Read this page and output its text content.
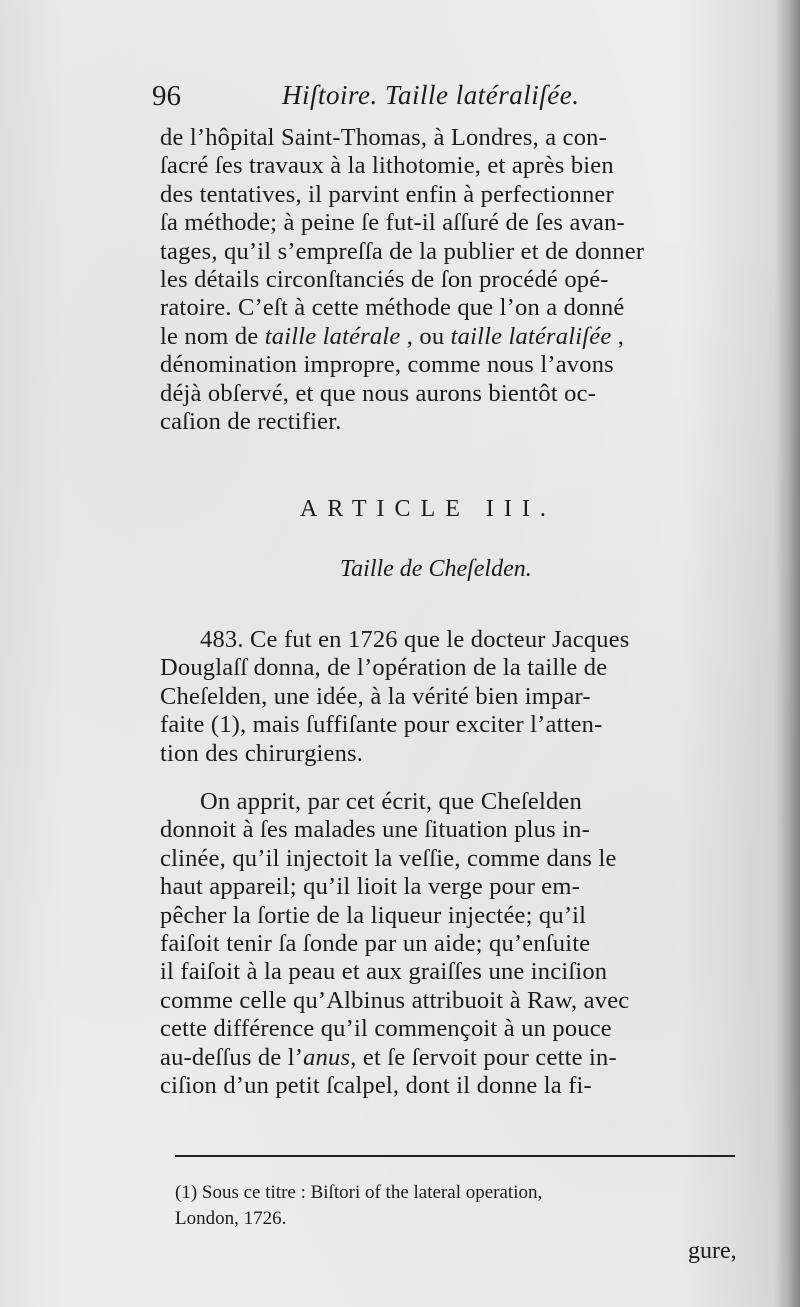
96	Hiſtoire. Taille latéraliſée.
de l’hôpital Saint-Thomas, à Londres, a con-
ſacré ſes travaux à la lithotomie, et après bien
des tentatives, il parvint enfin à perfectionner
ſa méthode; à peine ſe fut-il aſſuré de ſes avan-
tages, qu’il s’empreſſa de la publier et de donner
les détails circonſtanciés de ſon procédé opé-
ratoire. C’eſt à cette méthode que l’on a donné
le nom de taille latérale , ou taille latéraliſée ,
dénomination impropre, comme nous l’avons
déjà obſervé, et que nous aurons bientôt oc-
caſion de rectifier.
ARTICLE III.
Taille de Cheſelden.
483. Ce fut en 1726 que le docteur Jacques
Douglaſſ donna, de l’opération de la taille de
Cheſelden, une idée, à la vérité bien impar-
faite (1), mais ſuffiſante pour exciter l’atten-
tion des chirurgiens.
On apprit, par cet écrit, que Cheſelden
donnoit à ſes malades une ſituation plus in-
clinée, qu’il injectoit la veſſie, comme dans le
haut appareil; qu’il lioit la verge pour em-
pêcher la ſortie de la liqueur injectée; qu’il
faiſoit tenir ſa ſonde par un aide; qu’enſuite
il faiſoit à la peau et aux graiſſes une inciſion
comme celle qu’Albinus attribuoit à Raw, avec
cette différence qu’il commençoit à un pouce
au-deſſus de l’anus, et ſe ſervoit pour cette in-
ciſion d’un petit ſcalpel, dont il donne la fi-
(1) Sous ce titre : Biſtori of the lateral operation,
London, 1726.
gure,
